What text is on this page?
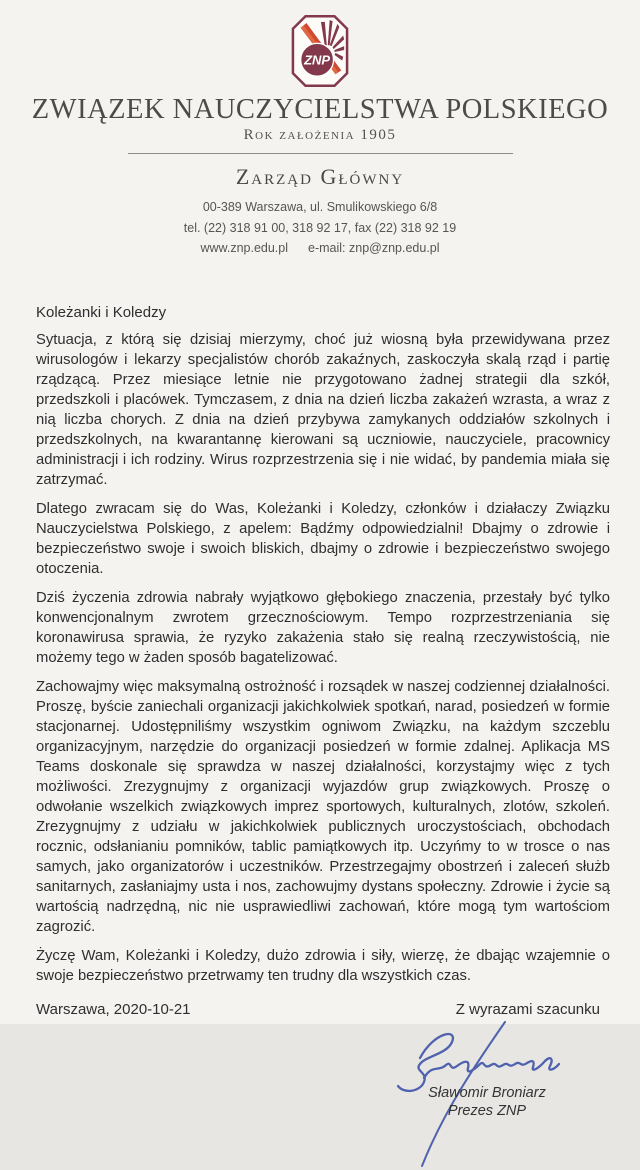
ZNP
ZWIĄZEK NAUCZYCIELSTWA POLSKIEGO
Rok założenia 1905
Zarząd Główny
00-389 Warszawa, ul. Smulikowskiego 6/8
tel. (22) 318 91 00, 318 92 17, fax (22) 318 92 19
www.znp.edu.pl e-mail: znp@znp.edu.pl
Koleżanki i Koledzy

Sytuacja, z którą się dzisiaj mierzymy, choć już wiosną była przewidywana przez wirusologów i lekarzy specjalistów chorób zakaźnych, zaskoczyła skalą rząd i partię rządzącą. Przez miesiące letnie nie przygotowano żadnej strategii dla szkół, przedszkoli i placówek. Tymczasem, z dnia na dzień liczba zakażeń wzrasta, a wraz z nią liczba chorych. Z dnia na dzień przybywa zamykanych oddziałów szkolnych i przedszkolnych, na kwarantannę kierowani są uczniowie, nauczyciele, pracownicy administracji i ich rodziny. Wirus rozprzestrzenia się i nie widać, by pandemia miała się zatrzymać.

Dlatego zwracam się do Was, Koleżanki i Koledzy, członków i działaczy Związku Nauczycielstwa Polskiego, z apelem: Bądźmy odpowiedzialni! Dbajmy o zdrowie i bezpieczeństwo swoje i swoich bliskich, dbajmy o zdrowie i bezpieczeństwo swojego otoczenia.

Dziś życzenia zdrowia nabrały wyjątkowo głębokiego znaczenia, przestały być tylko konwencjonalnym zwrotem grzecznościowym. Tempo rozprzestrzeniania się koronawirusa sprawia, że ryzyko zakażenia stało się realną rzeczywistością, nie możemy tego w żaden sposób bagatelizować.

Zachowajmy więc maksymalną ostrożność i rozsądek w naszej codziennej działalności. Proszę, byście zaniechali organizacji jakichkolwiek spotkań, narad, posiedzeń w formie stacjonarnej. Udostępniliśmy wszystkim ogniwom Związku, na każdym szczeblu organizacyjnym, narzędzie do organizacji posiedzeń w formie zdalnej. Aplikacja MS Teams doskonale się sprawdza w naszej działalności, korzystajmy więc z tych możliwości. Zrezygnujmy z organizacji wyjazdów grup związkowych. Proszę o odwołanie wszelkich związkowych imprez sportowych, kulturalnych, zlotów, szkoleń. Zrezygnujmy z udziału w jakichkolwiek publicznych uroczystościach, obchodach rocznic, odsłanianiu pomników, tablic pamiątkowych itp. Uczyńmy to w trosce o nas samych, jako organizatorów i uczestników. Przestrzegajmy obostrzeń i zaleceń służb sanitarnych, zasłaniajmy usta i nos, zachowujmy dystans społeczny. Zdrowie i życie są wartością nadrzędną, nic nie usprawiedliwi zachowań, które mogą tym wartościom zagrozić.

Życzę Wam, Koleżanki i Koledzy, dużo zdrowia i siły, wierzę, że dbając wzajemnie o swoje bezpieczeństwo przetrwamy ten trudny dla wszystkich czas.

Warszawa, 2020-10-21	Z wyrazami szacunku
Sławomir Broniarz
Prezes ZNP
